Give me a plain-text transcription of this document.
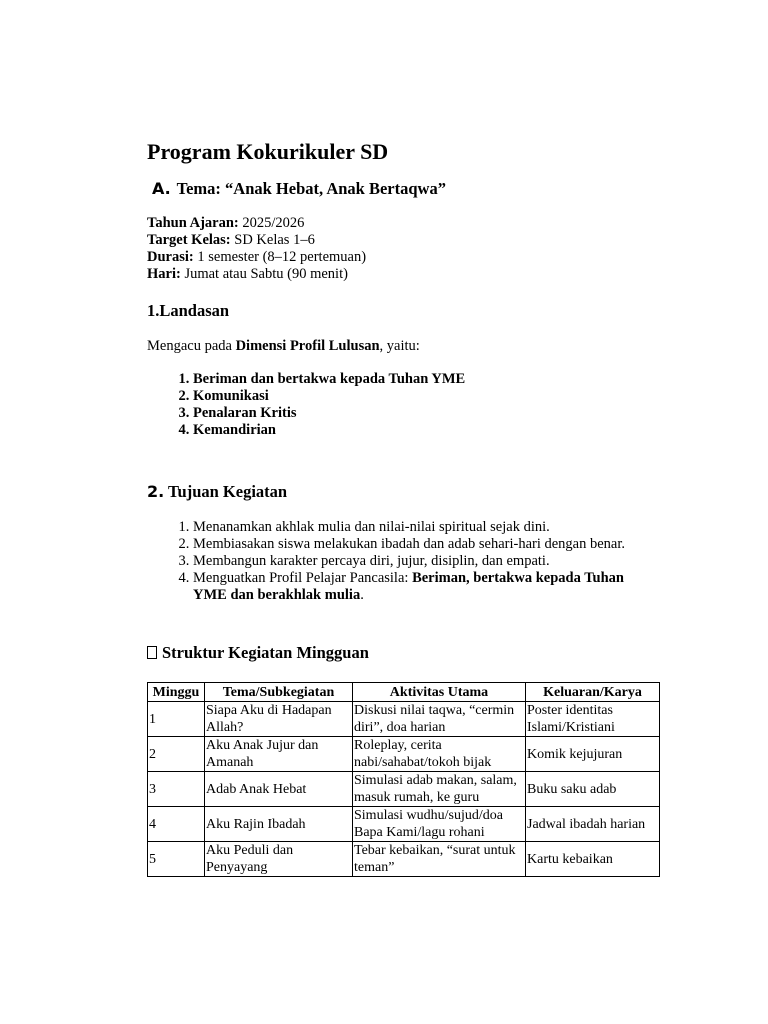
Program Kokurikuler SD
A. Tema: “Anak Hebat, Anak Bertaqwa”
Tahun Ajaran: 2025/2026
Target Kelas: SD Kelas 1–6
Durasi: 1 semester (8–12 pertemuan)
Hari: Jumat atau Sabtu (90 menit)
1.Landasan
Mengacu pada Dimensi Profil Lulusan, yaitu:
1. Beriman dan bertakwa kepada Tuhan YME
2. Komunikasi
3. Penalaran Kritis
4. Kemandirian
2. Tujuan Kegiatan
1. Menanamkan akhlak mulia dan nilai-nilai spiritual sejak dini.
2. Membiasakan siswa melakukan ibadah dan adab sehari-hari dengan benar.
3. Membangun karakter percaya diri, jujur, disiplin, dan empati.
4. Menguatkan Profil Pelajar Pancasila: Beriman, bertakwa kepada Tuhan YME dan berakhlak mulia.
Struktur Kegiatan Mingguan
Minggu	Tema/Subkegiatan	Aktivitas Utama	Keluaran/Karya
1	Siapa Aku di Hadapan Allah?	Diskusi nilai taqwa, “cermin diri”, doa harian	Poster identitas Islami/Kristiani
2	Aku Anak Jujur dan Amanah	Roleplay, cerita nabi/sahabat/tokoh bijak	Komik kejujuran
3	Adab Anak Hebat	Simulasi adab makan, salam, masuk rumah, ke guru	Buku saku adab
4	Aku Rajin Ibadah	Simulasi wudhu/sujud/doa Bapa Kami/lagu rohani	Jadwal ibadah harian
5	Aku Peduli dan Penyayang	Tebar kebaikan, “surat untuk teman”	Kartu kebaikan
